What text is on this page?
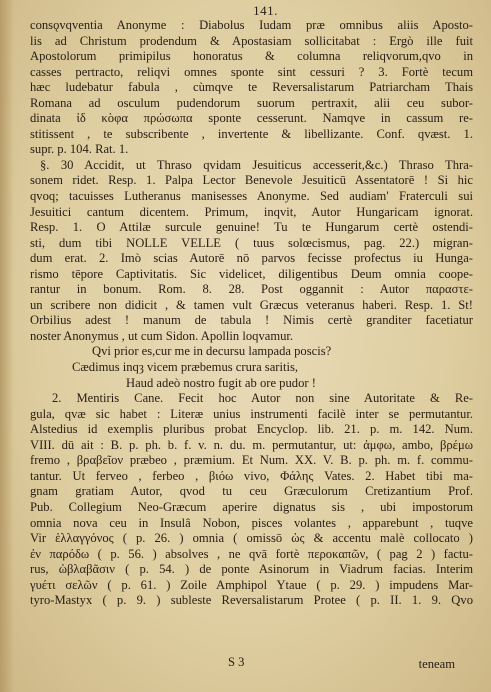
141.
consǫvqventia Anonyme : Diabolus Iudam præ omnibus aliis Aposto-
lis ad Christum prodendum & Apostasiam sollicitabat : Ergò ille fuit
Apostolorum primipilus honoratus & columna reliqvorum,qvo in
casses pertracto, reliqvi omnes sponte sint cessuri ? 3. Fortè tecum
hæc ludebatur fabula , cùmqve te Reversalistarum Patriarcham Thais
Romana ad osculum pudendorum suorum pertraxit, alii ceu subor-
dinata ἰδ κὸφα πρώσωπα sponte cesserunt. Namqve in cassum re-
stitissent , te subscribente , invertente & libellizante. Conf. qvæst. 1.
supr. p. 104. Rat. 1.
§. 30 Accidit, ut Thraso qvidam Jesuiticus accesserit,&c.) Thraso Thra-
sonem ridet. Resp. 1. Palpa Lector Benevole Jesuiticū Assentatorē ! Si hic
qvoq; tacuisses Lutheranus manisesses Anonyme. Sed audiam' Fraterculi sui
Jesuitici cantum dicentem. Primum, inqvit, Autor Hungaricam ignorat.
Resp. 1. O Attilæ surcule genuine! Tu te Hungarum certè ostendi-
sti, dum tibi NOLLE VELLE ( tuus solœcismus, pag. 22.) migran-
dum erat. 2. Imò scias Autorē nō parvos fecisse profectus iu Hunga-
rismo tēpore Captivitatis. Sic videlicet, diligentibus Deum omnia coope-
rantur in bonum. Rom. 8. 28. Post oggannit : Autor παραστε-
un scribere non didicit , & tamen vult Græcus veteranus haberi. Resp. 1. St!
Orbilius adest ! manum de tabula ! Nimis certè granditer facetiatur
noster Anonymus , ut cum Sidon. Apollin loqvamur.
Qvi prior es,cur me in decursu lampada poscis?
Cædimus inqȝ vicem præbemus crura saritis,
Haud adeò nostro fugit ab ore pudor !
2. Mentiris Cane. Fecit hoc Autor non sine Autoritate & Re-
gula, qvæ sic habet : Literæ unius instrumenti facilè inter se permutantur.
Alstedius id exemplis pluribus probat Encyclop. lib. 21. p. m. 142. Num.
VIII. dū ait : B. p. ph. b. f. v. n. du. m. permutantur, ut: ἀμφω, ambo, βρέμω
fremo , βραβεῖον præbeo , præmium. Et Num. XX. V. B. p. ph. m. f. commu-
tantur. Ut ferveo , ferbeo , βιόω vivo, Φάλης Vates. 2. Habet tibi ma-
gnam gratiam Autor, qvod tu ceu Græculorum Cretizantium Prof.
Pub. Collegium Neo-Græcum aperire dignatus sis , ubi impostorum
omnia nova ceu in Insulâ Nobon, pisces volantes , apparebunt , tuqve
Vir ἑλλαγγόνος ( p. 26. ) omnia ( omissō ὡς & accentu malè collocato )
ἐν παρόδω ( p. 56. ) absolves , ne qvā fortè περοκαπῶν, ( pag 2 ) factu-
rus, ὠβλαβᾶσιν ( p. 54. ) de ponte Asinorum in Viadrum facias. Interim
γυέτι σελῶν ( p. 61. ) Zoile Amphipol Ytaue ( p. 29. ) impudens Mar-
tyro-Mastyx ( p. 9. ) subleste Reversalistarum Protee ( p. II. 1. 9. Qvo
S 3	teneam
